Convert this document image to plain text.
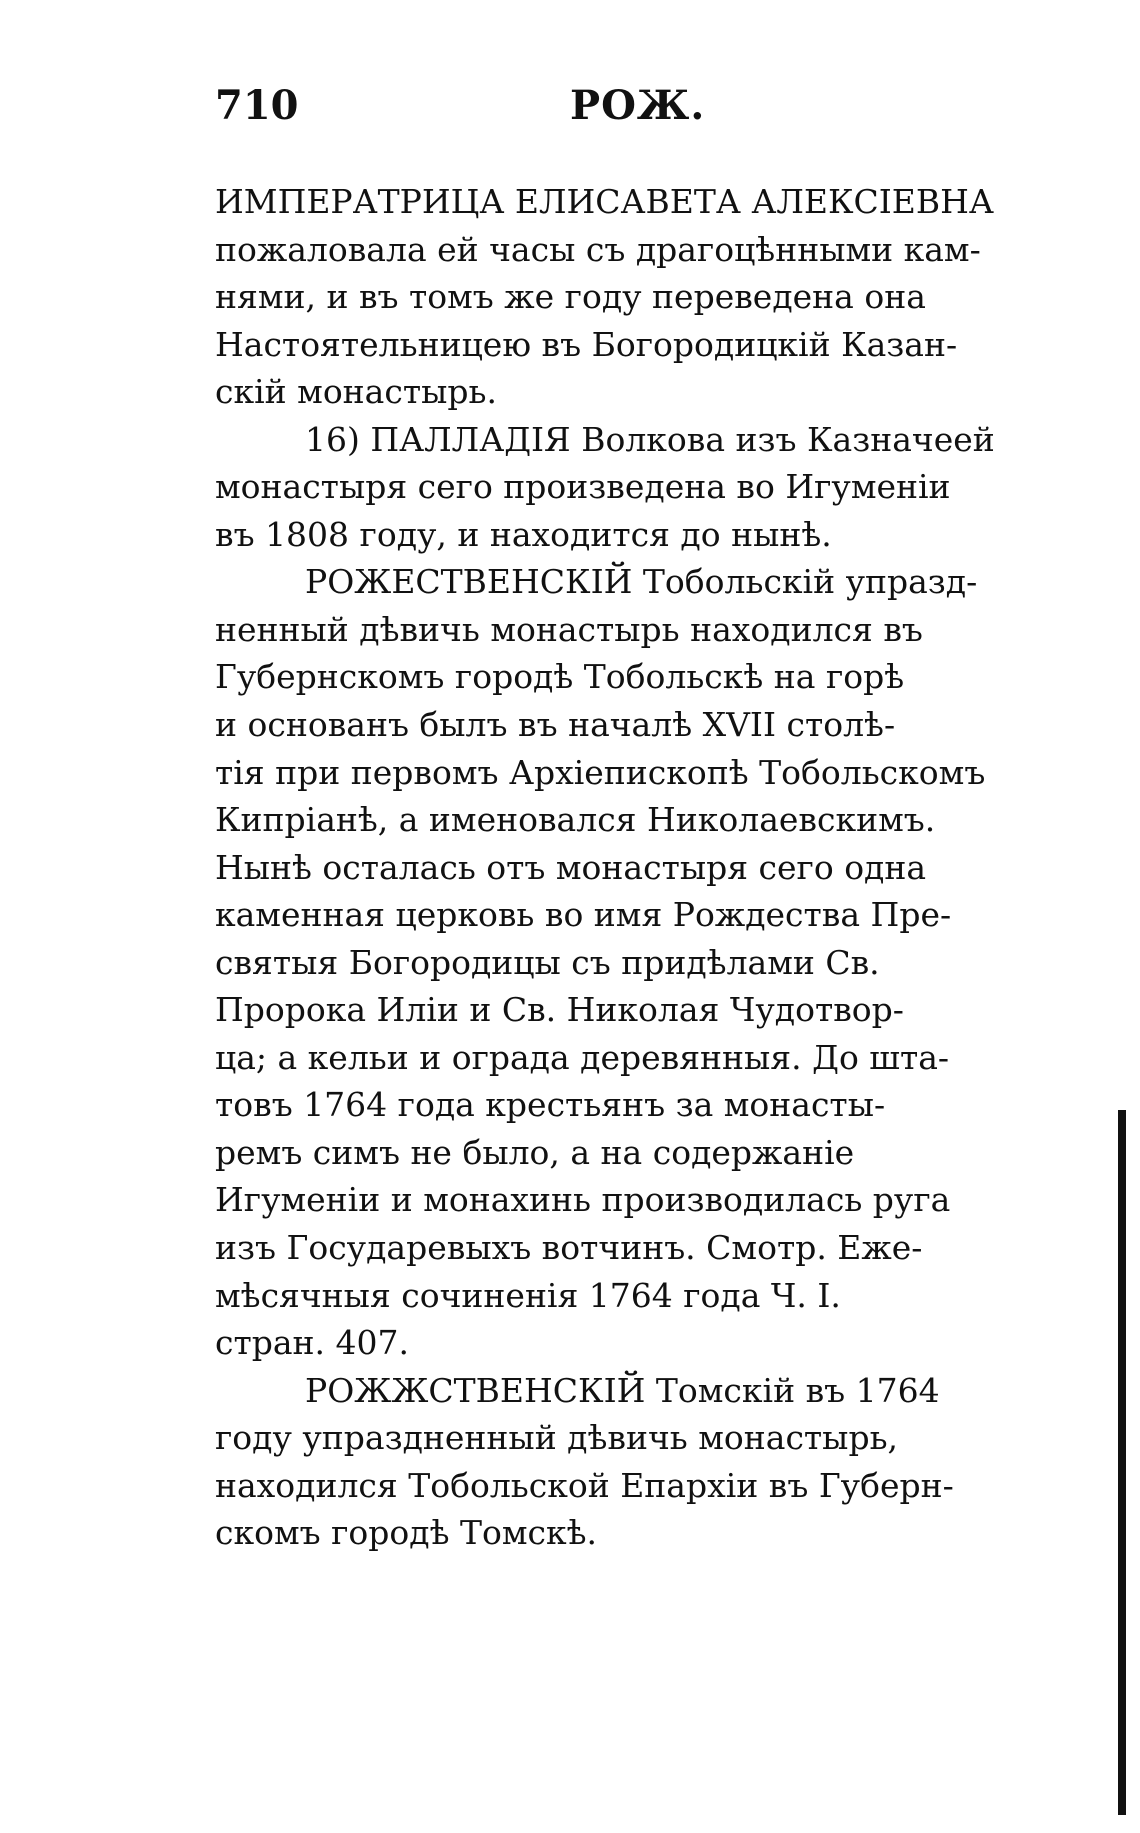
710	РОЖ.
ИМПЕРАТРИЦА ЕЛИСАВЕТА АЛЕКСІЕВНА
пожаловала ей часы съ драгоцѣнными кам-
нями, и въ томъ же году переведена она
Настоятельницею въ Богородицкій Казан-
скій монастырь.
16) ПАЛЛАДІЯ Волкова изъ Казначеей
монастыря сего произведена во Игуменіи
въ 1808 году, и находится до нынѣ.
РОЖЕСТВЕНСКІЙ Тобольскій упразд-
ненный дѣвичь монастырь находился въ
Губернскомъ городѣ Тобольскѣ на горѣ
и основанъ былъ въ началѣ XVII столѣ-
тія при первомъ Архіепископѣ Тобольскомъ
Кипріанѣ, а именовался Николаевскимъ.
Нынѣ осталась отъ монастыря сего одна
каменная церковь во имя Рождества Пре-
святыя Богородицы съ придѣлами Св.
Пророка Иліи и Св. Николая Чудотвор-
ца; а кельи и ограда деревянныя. До шта-
товъ 1764 года крестьянъ за монасты-
ремъ симъ не было, а на содержаніе
Игуменіи и монахинь производилась руга
изъ Государевыхъ вотчинъ. Смотр. Еже-
мѣсячныя сочиненія 1764 года Ч. I.
стран. 407.
РОЖЖСТВЕНСКІЙ Томскій въ 1764
году упраздненный дѣвичь монастырь,
находился Тобольской Епархіи въ Губерн-
скомъ городѣ Томскѣ.
